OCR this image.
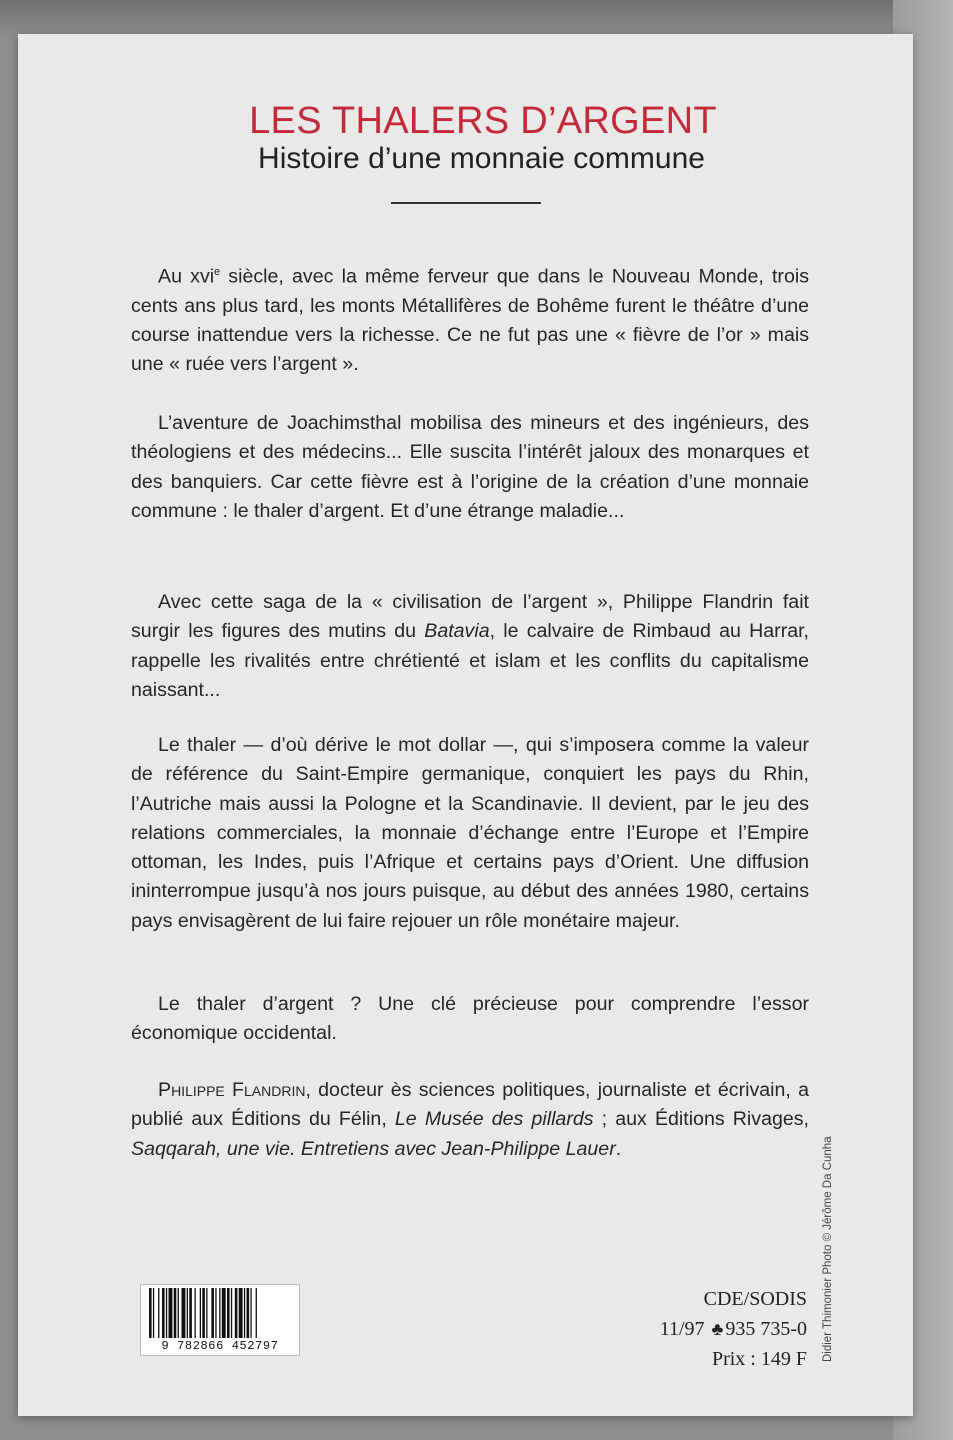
LES THALERS D’ARGENT
Histoire d’une monnaie commune

Au xvi$^e$ siècle, avec la même ferveur que dans le Nouveau Monde, trois cents ans plus tard, les monts Métallifères de Bohême furent le théâtre d’une course inattendue vers la richesse. Ce ne fut pas une « fièvre de l’or » mais une « ruée vers l’argent ».

L’aventure de Joachimsthal mobilisa des mineurs et des ingénieurs, des théologiens et des médecins... Elle suscita l’intérêt jaloux des monarques et des banquiers. Car cette fièvre est à l’origine de la création d’une monnaie commune : le thaler d’argent. Et d’une étrange maladie...

Avec cette saga de la « civilisation de l’argent », Philippe Flandrin fait surgir les figures des mutins du Batavia, le calvaire de Rimbaud au Harrar, rappelle les rivalités entre chrétienté et islam et les conflits du capitalisme naissant...

Le thaler — d’où dérive le mot dollar —, qui s’imposera comme la valeur de référence du Saint-Empire germanique, conquiert les pays du Rhin, l’Autriche mais aussi la Pologne et la Scandinavie. Il devient, par le jeu des relations commerciales, la monnaie d’échange entre l’Europe et l’Empire ottoman, les Indes, puis l’Afrique et certains pays d’Orient. Une diffusion ininterrompue jusqu’à nos jours puisque, au début des années 1980, certains pays envisagèrent de lui faire rejouer un rôle monétaire majeur.

Le thaler d’argent ? Une clé précieuse pour comprendre l’essor économique occidental.

Philippe Flandrin, docteur ès sciences politiques, journaliste et écrivain, a publié aux Éditions du Félin, Le Musée des pillards ; aux Éditions Rivages, Saqqarah, une vie. Entretiens avec Jean-Philippe Lauer.

9 782866 452797
CDE/SODIS
11/97 ♣ 935 735-0
Prix : 149 F Didier Thimonier Photo © Jérôme Da Cunha
